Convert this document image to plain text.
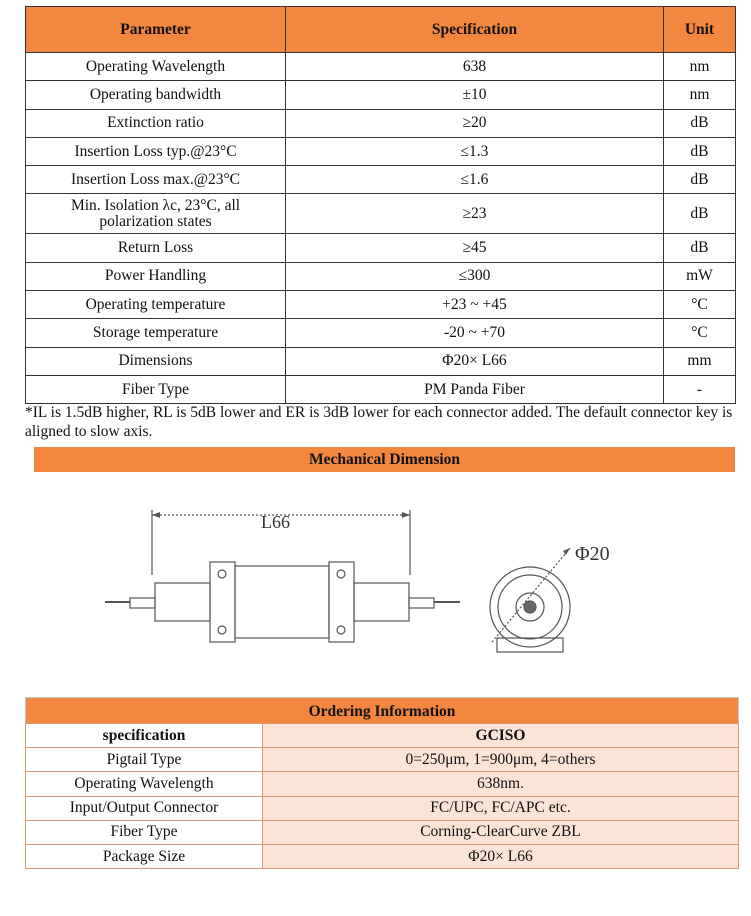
Parameter	Specification	Unit
Operating Wavelength	638	nm
Operating bandwidth	±10	nm
Extinction ratio	≥20	dB
Insertion Loss typ.@23°C	≤1.3	dB
Insertion Loss max.@23°C	≤1.6	dB

Min. Isolation λc, 23°C, all
polarization states	≥23	dB
Return Loss	≥45	dB
Power Handling	≤300	mW
Operating temperature	+23 ~ +45	°C
Storage temperature	-20 ~ +70	°C
Dimensions	Φ20× L66	mm
Fiber Type	PM Panda Fiber	-
*IL is 1.5dB higher, RL is 5dB lower and ER is 3dB lower for each connector added. The default connector key is aligned to slow axis.
Mechanical Dimension
L66
Φ20
Ordering Information
specification	GCISO
Pigtail Type	0=250μm, 1=900μm, 4=others
Operating Wavelength	638nm.
Input/Output Connector	FC/UPC, FC/APC etc.
Fiber Type	Corning-ClearCurve ZBL
Package Size	Φ20× L66
